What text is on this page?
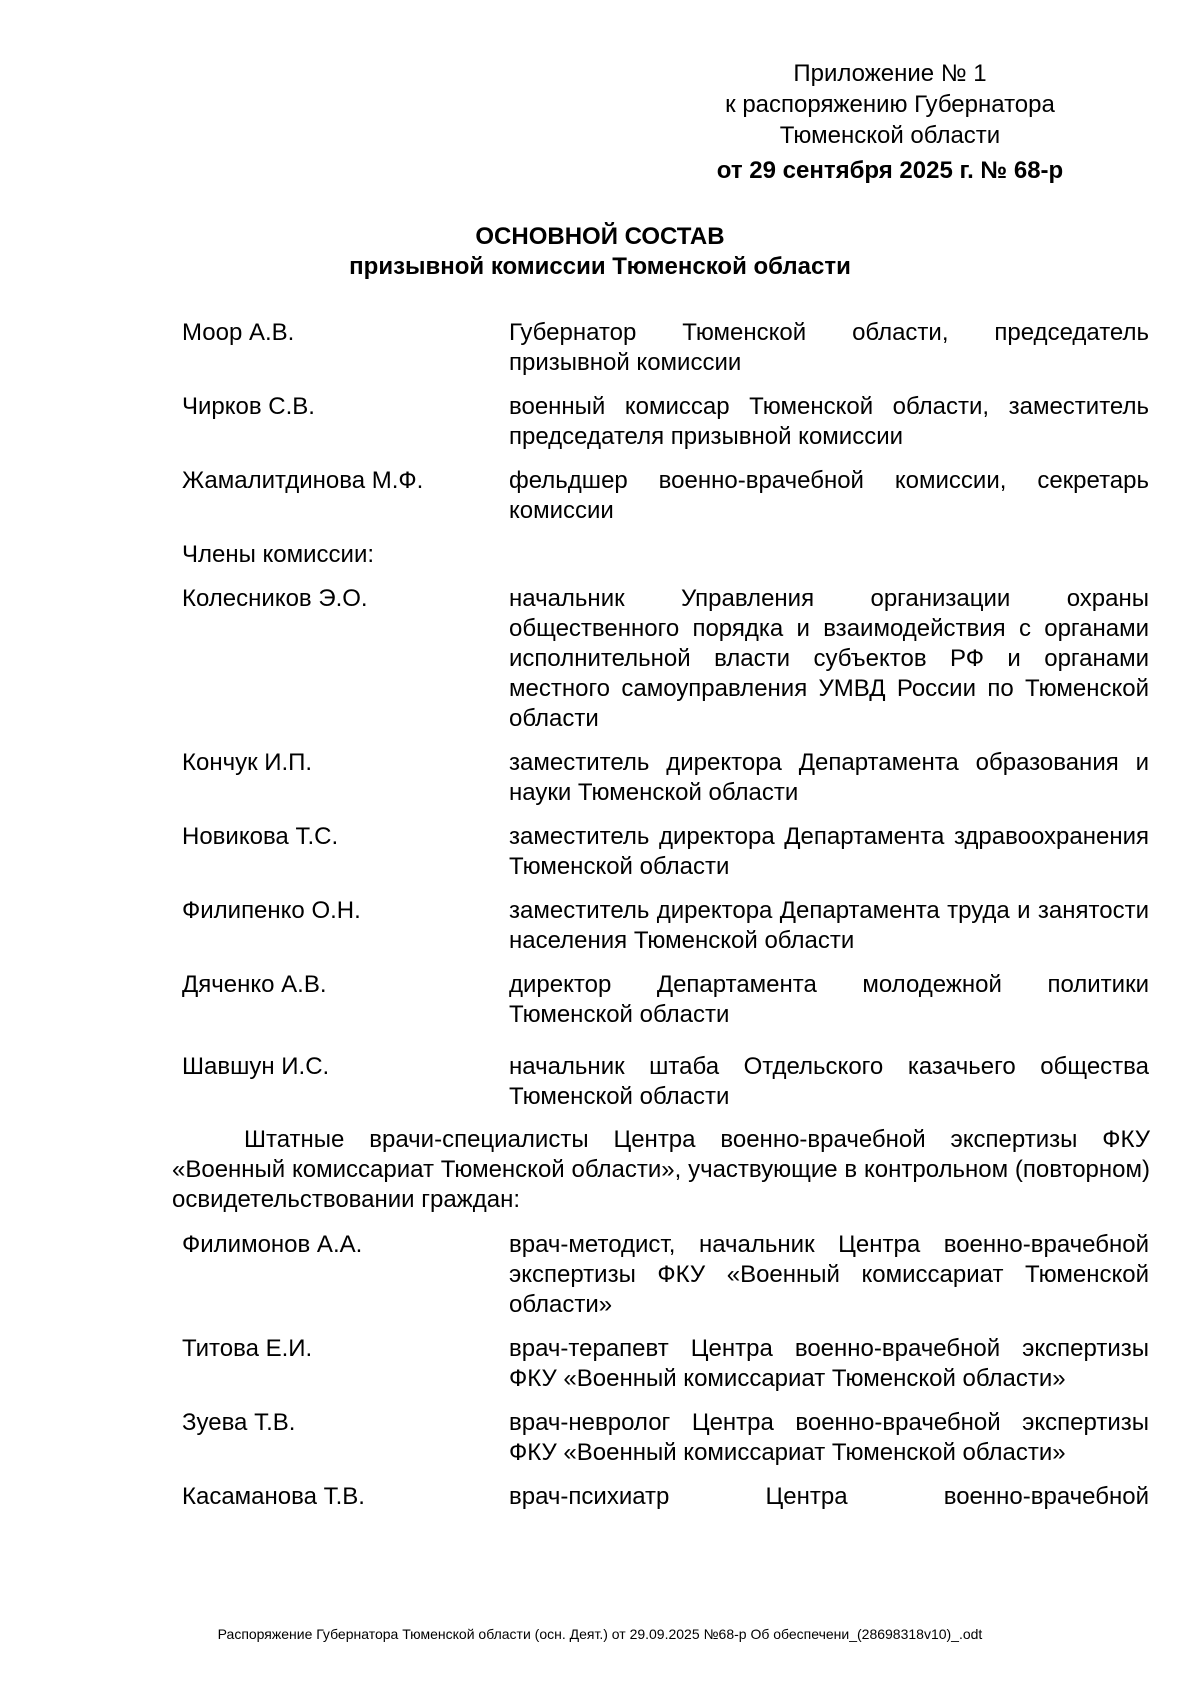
Приложение № 1
к распоряжению Губернатора
Тюменской области
от 29 сентября 2025 г. № 68-р
ОСНОВНОЙ СОСТАВ
призывной комиссии Тюменской области
Моор А.В.	Губернатор Тюменской области, председатель призывной комиссии
Чирков С.В.	военный комиссар Тюменской области, заместитель председателя призывной комиссии
Жамалитдинова М.Ф.	фельдшер военно-врачебной комиссии, секретарь комиссии
Члены комиссии:
Колесников Э.О.	начальник Управления организации охраны общественного порядка и взаимодействия с органами исполнительной власти субъектов РФ и органами местного самоуправления УМВД России по Тюменской области
Кончук И.П.	заместитель директора Департамента образования и науки Тюменской области
Новикова Т.С.	заместитель директора Департамента здравоохранения Тюменской области
Филипенко О.Н.	заместитель директора Департамента труда и занятости населения Тюменской области
Дяченко А.В.	директор Департамента молодежной политики Тюменской области
Шавшун И.С.	начальник штаба Отдельского казачьего общества Тюменской области
Штатные врачи-специалисты Центра военно-врачебной экспертизы ФКУ «Военный комиссариат Тюменской области», участвующие в контрольном (повторном) освидетельствовании граждан:
Филимонов А.А.	врач-методист, начальник Центра военно-врачебной экспертизы ФКУ «Военный комиссариат Тюменской области»
Титова Е.И.	врач-терапевт Центра военно-врачебной экспертизы ФКУ «Военный комиссариат Тюменской области»
Зуева Т.В.	врач-невролог Центра военно-врачебной экспертизы ФКУ «Военный комиссариат Тюменской области»
Касаманова Т.В.	врач-психиатр Центра военно-врачебной
Распоряжение Губернатора Тюменской области (осн. Деят.) от 29.09.2025 №68-р Об обеспечени_(28698318v10)_.odt
